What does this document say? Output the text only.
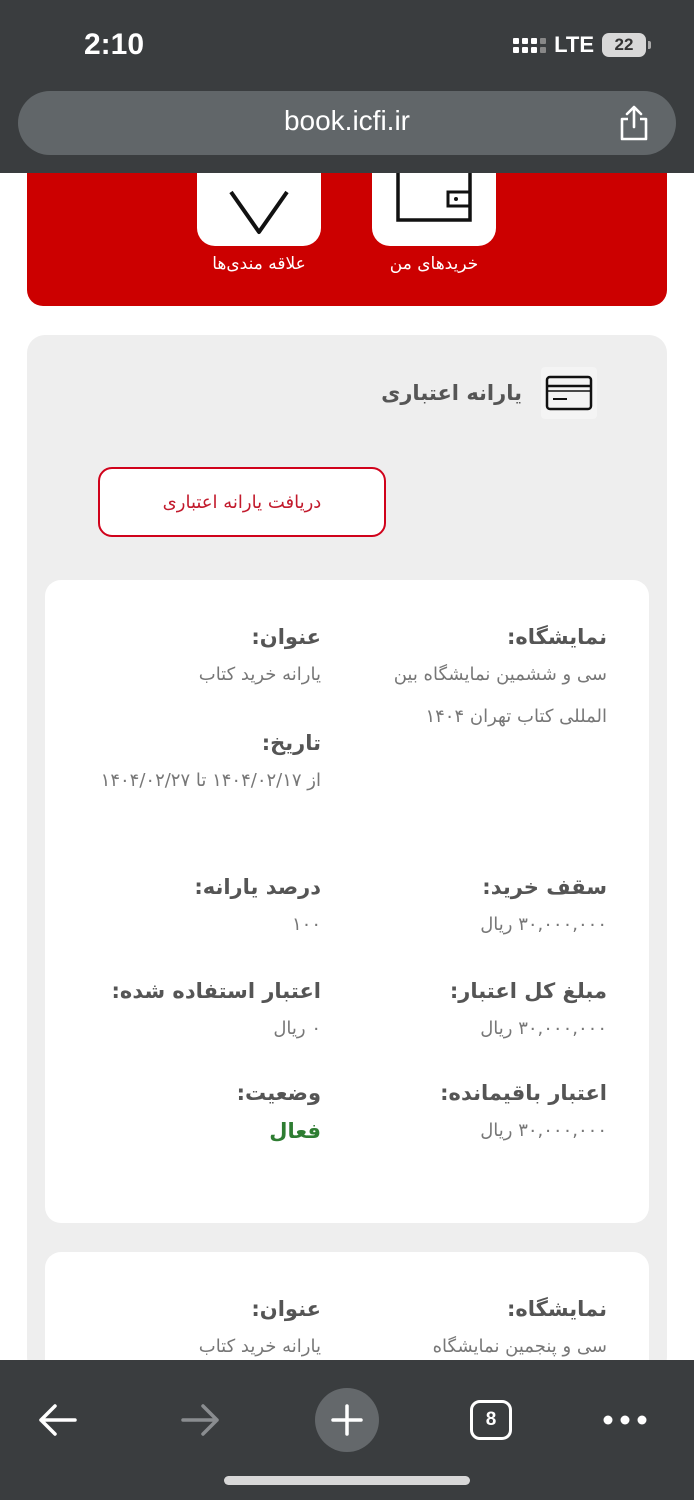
2:10	LTE	22
book.icfi.ir
علاقه مندی‌ها	خریدهای من
یارانه اعتباری
دریافت یارانه اعتباری
نمایشگاه:
سی و ششمین نمایشگاه بین المللی کتاب تهران ۱۴۰۴
عنوان:
یارانه خرید کتاب
تاریخ:
از ۱۴۰۴/۰۲/۱۷ تا ۱۴۰۴/۰۲/۲۷
سقف خرید:
۳۰,۰۰۰,۰۰۰ ریال
درصد یارانه:
۱۰۰
مبلغ کل اعتبار:
۳۰,۰۰۰,۰۰۰ ریال
اعتبار استفاده شده:
۰ ریال
اعتبار باقیمانده:
۳۰,۰۰۰,۰۰۰ ریال
وضعیت:
فعال
نمایشگاه:
سی و پنجمین نمایشگاه
عنوان:
یارانه خرید کتاب
8
